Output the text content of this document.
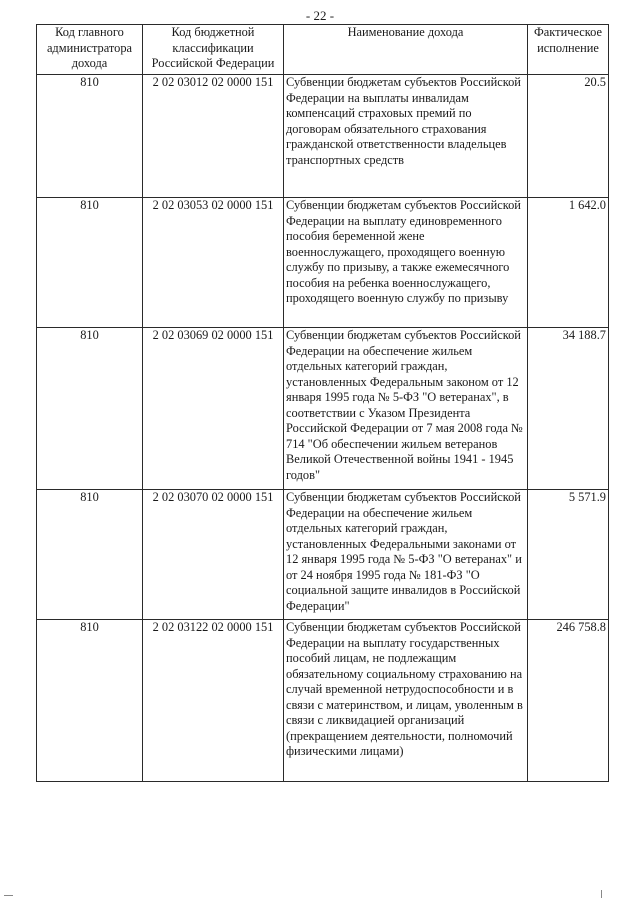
- 22 -
Код главного администратора дохода	Код бюджетной классификации Российской Федерации	Наименование дохода	Фактическое исполнение
810	2 02 03012 02 0000 151	Субвенции бюджетам субъектов Российской Федерации на выплаты инвалидам компенсаций страховых премий по договорам обязательного страхования гражданской ответственности владельцев транспортных средств	20.5
810	2 02 03053 02 0000 151	Субвенции бюджетам субъектов Российской Федерации на выплату единовременного пособия беременной жене военнослужащего, проходящего военную службу по призыву, а также ежемесячного пособия на ребенка военнослужащего, проходящего военную службу по призыву	1 642.0
810	2 02 03069 02 0000 151	Субвенции бюджетам субъектов Российской Федерации на обеспечение жильем отдельных категорий граждан, установленных Федеральным законом от 12 января 1995 года № 5-ФЗ "О ветеранах", в соответствии с Указом Президента Российской Федерации от 7 мая 2008 года № 714 "Об обеспечении жильем ветеранов Великой Отечественной войны 1941 - 1945 годов"	34 188.7
810	2 02 03070 02 0000 151	Субвенции бюджетам субъектов Российской Федерации на обеспечение жильем отдельных категорий граждан, установленных Федеральными законами от 12 января 1995 года № 5-ФЗ "О ветеранах" и от 24 ноября 1995 года № 181-ФЗ "О социальной защите инвалидов в Российской Федерации"	5 571.9
810	2 02 03122 02 0000 151	Субвенции бюджетам субъектов Российской Федерации на выплату государственных пособий лицам, не подлежащим обязательному социальному страхованию на случай временной нетрудоспособности и в связи с материнством, и лицам, уволенным в связи с ликвидацией организаций (прекращением деятельности, полномочий физическими лицами)	246 758.8
